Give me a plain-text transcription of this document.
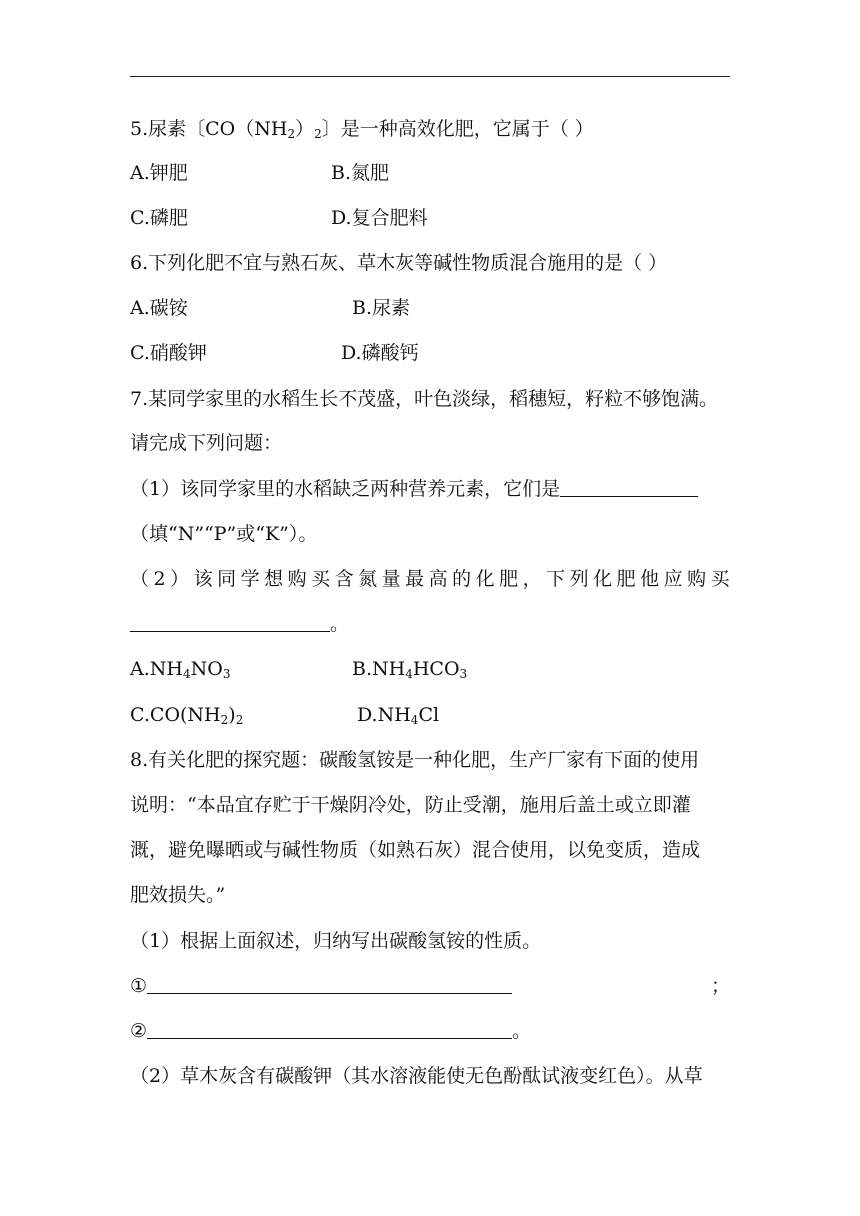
5.尿素〔$CO(NH_2)_2$〕是一种高效化肥，它属于（ ）
A.钾肥	B.氮肥
C.磷肥	D.复合肥料
6.下列化肥不宜与熟石灰、草木灰等碱性物质混合施用的是（ ）
A.碳铵	B.尿素
C.硝酸钾	D.磷酸钙
7.某同学家里的水稻生长不茂盛，叶色淡绿，稻穗短，籽粒不够饱满。
请完成下列问题：
（1）该同学家里的水稻缺乏两种营养元素，它们是
（填“N”“P”或“K”）。
（2）该同学想购买含氮量最高的化肥，下列化肥他应购买
。
$A.NH_4NO_3$	$B.NH_4HCO_3$
$C.CO(NH_2)_2$	$D.NH_4Cl$
8.有关化肥的探究题：碳酸氢铵是一种化肥，生产厂家有下面的使用
说明：“本品宜存贮于干燥阴冷处，防止受潮，施用后盖土或立即灌
溉，避免曝晒或与碱性物质（如熟石灰）混合使用，以免变质，造成
肥效损失。”
（1）根据上面叙述，归纳写出碳酸氢铵的性质。
①	；
②	。
（2）草木灰含有碳酸钾（其水溶液能使无色酚酞试液变红色）。从草
